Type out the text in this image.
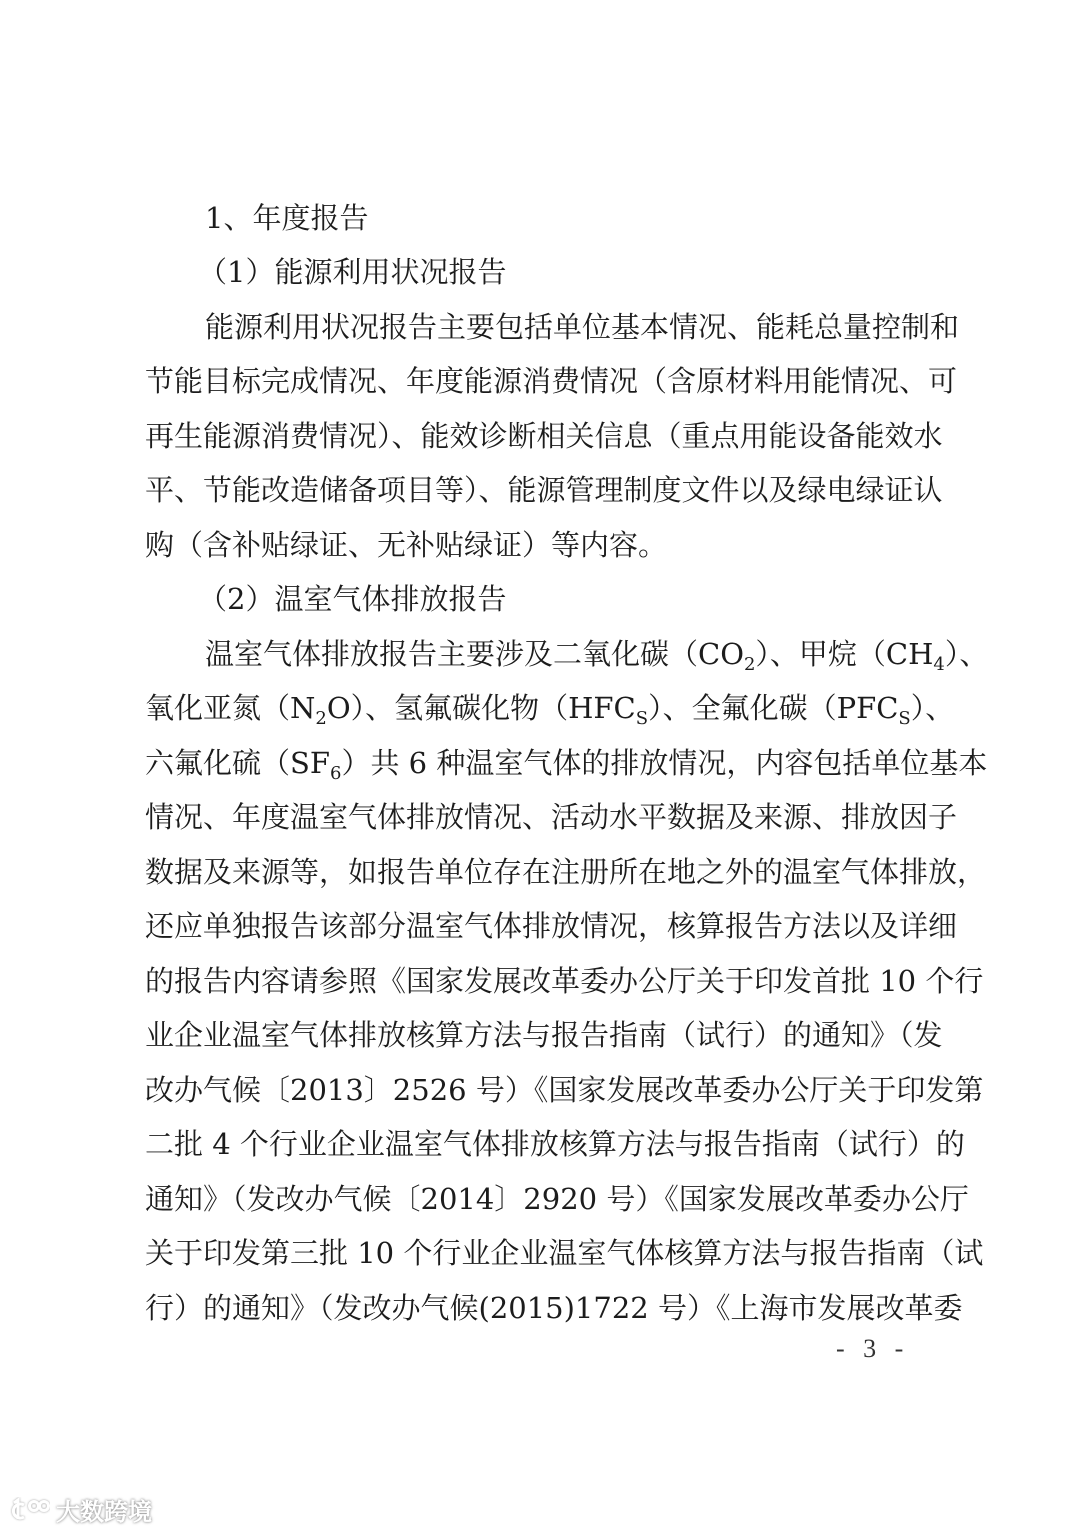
1、年度报告
（1）能源利用状况报告
能源利用状况报告主要包括单位基本情况、能耗总量控制和
节能目标完成情况、年度能源消费情况（含原材料用能情况、可
再生能源消费情况）、能效诊断相关信息（重点用能设备能效水
平、节能改造储备项目等）、能源管理制度文件以及绿电绿证认
购（含补贴绿证、无补贴绿证）等内容。
（2）温室气体排放报告
温室气体排放报告主要涉及二氧化碳$(CO_2)$、甲烷$(CH_4)$、
氧化亚氮$(N_2O)$、氢氟碳化物$(HFC_S)$、全氟化碳$(PFC_S)$、
六氟化硫$(SF_6)$共 6 种温室气体的排放情况，内容包括单位基本
情况、年度温室气体排放情况、活动水平数据及来源、排放因子
数据及来源等，如报告单位存在注册所在地之外的温室气体排放，
还应单独报告该部分温室气体排放情况，核算报告方法以及详细
的报告内容请参照《国家发展改革委办公厅关于印发首批 10 个行
业企业温室气体排放核算方法与报告指南（试行）的通知》（发
改办气候〔2013〕2526 号）《国家发展改革委办公厅关于印发第
二批 4 个行业企业温室气体排放核算方法与报告指南（试行）的
通知》（发改办气候〔2014〕2920 号）《国家发展改革委办公厅
关于印发第三批 10 个行业企业温室气体核算方法与报告指南（试
行）的通知》（发改办气候(2015)1722 号）《上海市发展改革委
- 3 -
大数跨境
